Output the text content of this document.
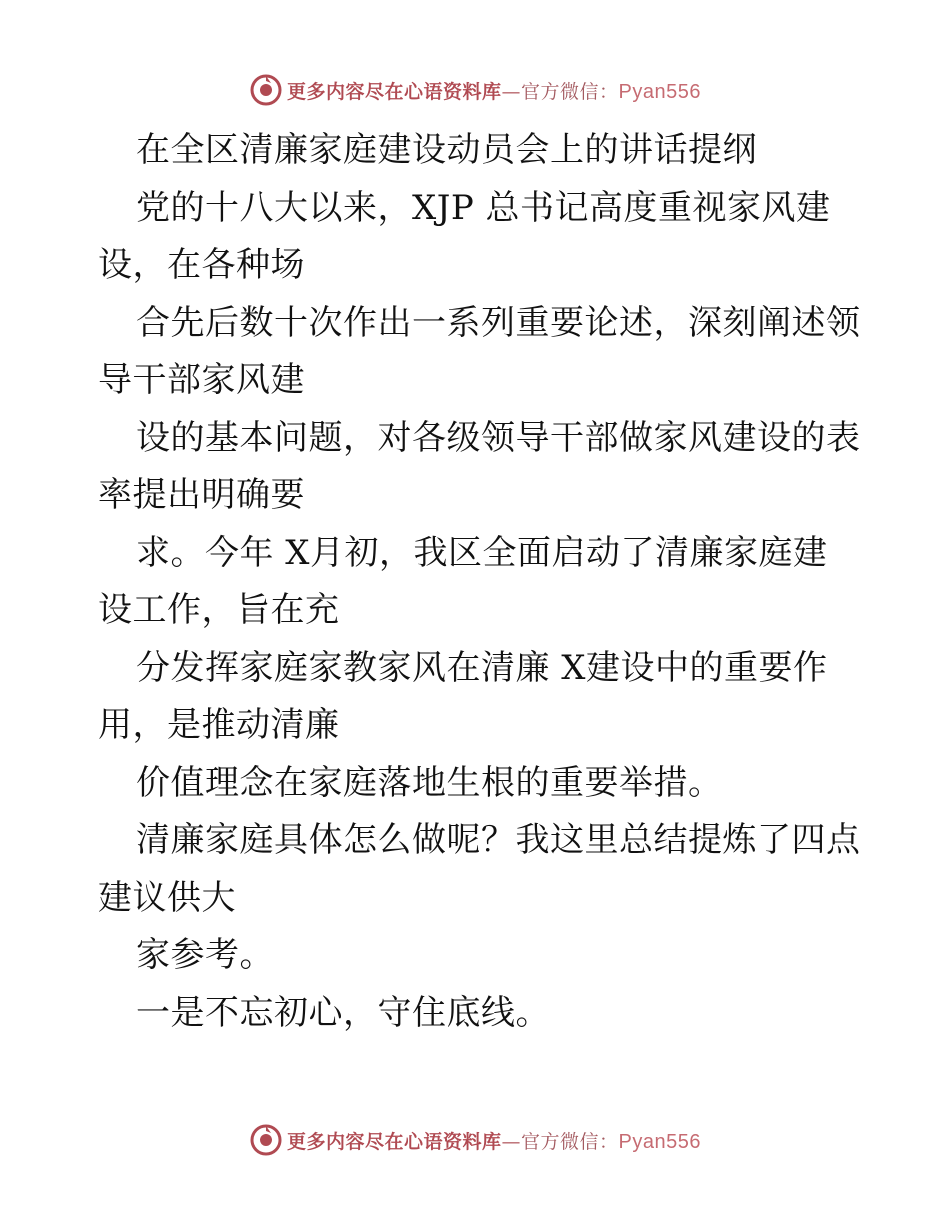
更多内容尽在心语资料库—官方微信：Pyan556
在全区清廉家庭建设动员会上的讲话提纲
党的十八大以来，XJP 总书记高度重视家风建
设，在各种场
合先后数十次作出一系列重要论述，深刻阐述领
导干部家风建
设的基本问题，对各级领导干部做家风建设的表
率提出明确要
求。今年 X月初，我区全面启动了清廉家庭建
设工作，旨在充
分发挥家庭家教家风在清廉 X建设中的重要作
用，是推动清廉
价值理念在家庭落地生根的重要举措。
清廉家庭具体怎么做呢？我这里总结提炼了四点
建议供大
家参考。
一是不忘初心，守住底线。
更多内容尽在心语资料库—官方微信：Pyan556
